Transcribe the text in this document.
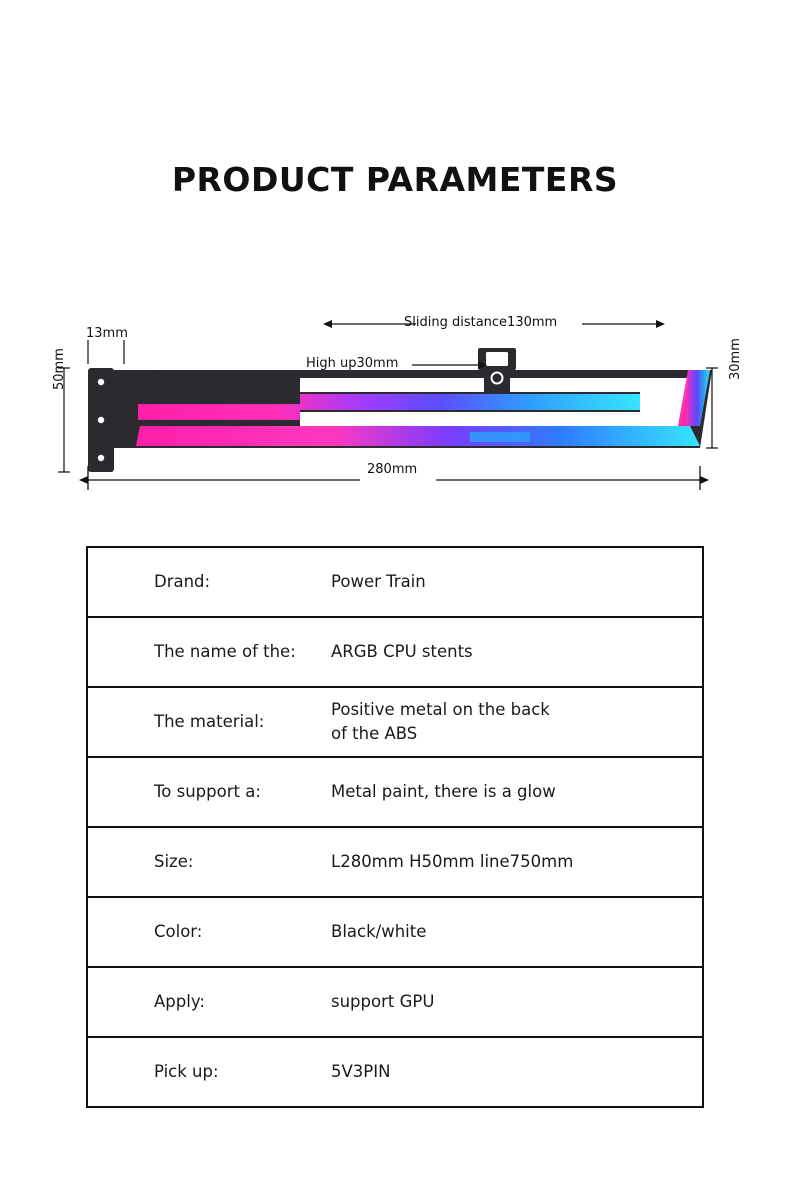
PRODUCT PARAMETERS
13mm
Sliding distance130mm
High up30mm
50mm	30mm
280mm
Drand:	Power Train

The name of the:	ARGB CPU stents

The material:	Positive metal on the back
of the ABS

To support a:	Metal paint, there is a glow

Size:	L280mm H50mm line750mm

Color:	Black/white

Apply:	support GPU

Pick up:	5V3PIN
